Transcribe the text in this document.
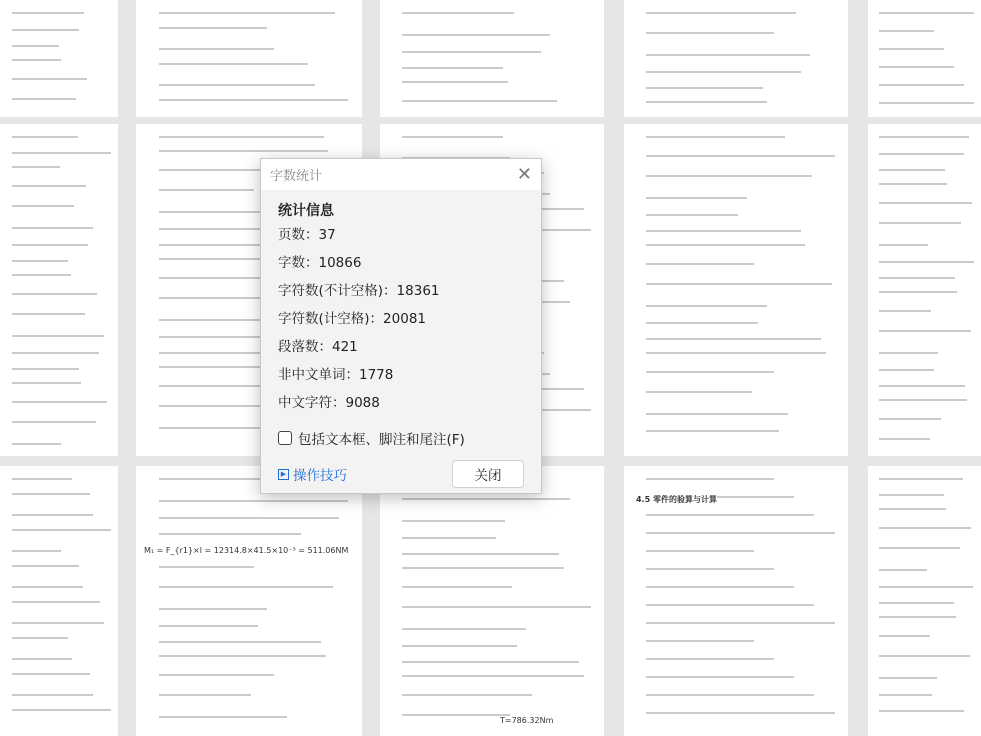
M₁ = F_{r1}×l = 12314.8×41.5×10⁻³ = 511.06NM
T=786.32Nm
4.5 零件的验算与计算
字数统计	✕
统计信息
页数：37
字数：10866
字符数(不计空格)：18361
字符数(计空格)：20081
段落数：421
非中文单词：1778
中文字符：9088
包括文本框、脚注和尾注(F)
▶ 操作技巧	关闭
